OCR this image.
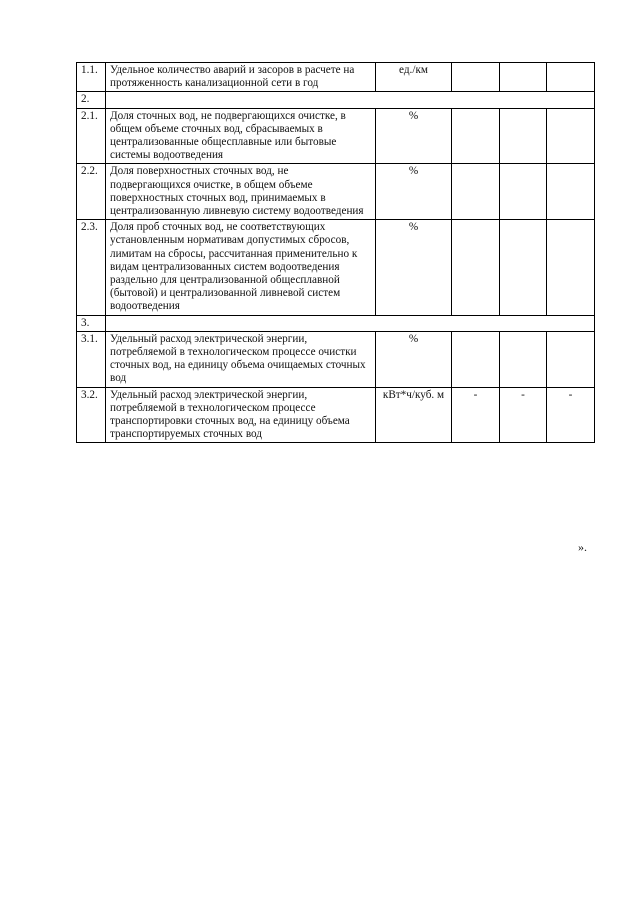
1.1.	Удельное количество аварий и засоров в расчете на протяженность канализационной сети в год	ед./км			
2.					
2.1.	Доля сточных вод, не подвергающихся очистке, в общем объеме сточных вод, сбрасываемых в централизованные общесплавные или бытовые системы водоотведения	%			
2.2.	Доля поверхностных сточных вод, не подвергающихся очистке, в общем объеме поверхностных сточных вод, принимаемых в централизованную ливневую систему водоотведения	%			
2.3.	Доля проб сточных вод, не соответствующих установленным нормативам допустимых сбросов, лимитам на сбросы, рассчитанная применительно к видам централизованных систем водоотведения раздельно для централизованной общесплавной (бытовой) и централизованной ливневой систем водоотведения	%			
3.					
3.1.	Удельный расход электрической энергии, потребляемой в технологическом процессе очистки сточных вод, на единицу объема очищаемых сточных вод	%			
3.2.	Удельный расход электрической энергии, потребляемой в технологическом процессе транспортировки сточных вод, на единицу объема транспортируемых сточных вод	кВт*ч/куб. м	-	-	-
».
